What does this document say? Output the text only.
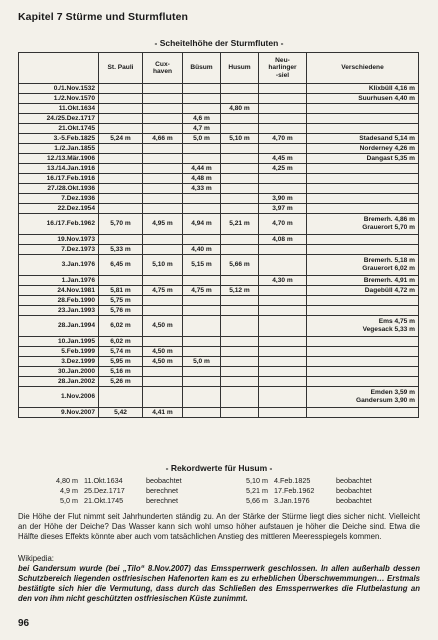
Kapitel 7 Stürme und Sturmfluten
- Scheitelhöhe der Sturmfluten -
	St. Pauli	Cux-
haven	Büsum	Husum	Neu-
harlinger
-siel	Verschiedene
0./1.Nov.1532						Klixbüll 4,16 m
1./2.Nov.1570						Suurhusen 4,40 m
11.Okt.1634				4,80 m		
24./25.Dez.1717			4,6 m			
21.Okt.1745			4,7 m			
3.-5.Feb.1825	5,24 m	4,66 m	5,0 m	5,10 m	4,70 m	Stadesand 5,14 m
1./2.Jan.1855						Norderney 4,26 m
12./13.Mär.1906					4,45 m	Dangast 5,35 m
13./14.Jan.1916			4,44 m		4,25 m	
16./17.Feb.1916			4,48 m			
27./28.Okt.1936			4,33 m			
7.Dez.1936					3,90 m	
22.Dez.1954					3,97 m	
16./17.Feb.1962	5,70 m	4,95 m	4,94 m	5,21 m	4,70 m	Bremerh. 4,86 m
Grauerort 5,70 m
19.Nov.1973					4,08 m	
7.Dez.1973	5,33 m		4,40 m			
3.Jan.1976	6,45 m	5,10 m	5,15 m	5,66 m		Bremerh. 5,18 m
Grauerort 6,02 m
1.Jan.1976					4,30 m	Bremerh. 4,91 m
24.Nov.1981	5,81 m	4,75 m	4,75 m	5,12 m		Dagebüll 4,72 m
28.Feb.1990	5,75 m					
23.Jan.1993	5,76 m					
28.Jan.1994	6,02 m	4,50 m				Ems 4,75 m
Vegesack 5,33 m
10.Jan.1995	6,02 m					
5.Feb.1999	5,74 m	4,50 m				
3.Dez.1999	5,95 m	4,50 m	5,0 m			
30.Jan.2000	5,16 m					
28.Jan.2002	5,26 m					
1.Nov.2006						Emden 3,59 m
Gandersum 3,90 m
9.Nov.2007	5,42	4,41 m				
- Rekordwerte für Husum -
4,80 m 11.Okt.1634	beobachtet	5,10 m 4.Feb.1825	beobachtet
4,9 m 25.Dez.1717	berechnet	5,21 m 17.Feb.1962	beobachtet
5,0 m 21.Okt.1745	berechnet	5,66 m 3.Jan.1976	beobachtet
Die Höhe der Flut nimmt seit Jahrhunderten ständig zu. An der Stärke der Stürme liegt dies sicher nicht. Vielleicht an der Höhe der Deiche? Das Wasser kann sich wohl umso höher aufstauen je höher die Deiche sind. Etwa die Hälfte dieses Effekts könnte aber auch vom tatsächlichen Anstieg des mittleren Meeresspiegels kommen.
Wikipedia:
bei Gandersum wurde (bei „Tilo“ 8.Nov.2007) das Emssperrwerk geschlossen. In allen außerhalb dessen Schutzbereich liegenden ostfriesischen Hafenorten kam es zu erheblichen Überschwemmungen… Erstmals bestätigte sich hier die Vermutung, dass durch das Schließen des Emssperrwerkes die Flutbelastung an den von ihm nicht geschützten ostfriesischen Küste zunimmt.
96
